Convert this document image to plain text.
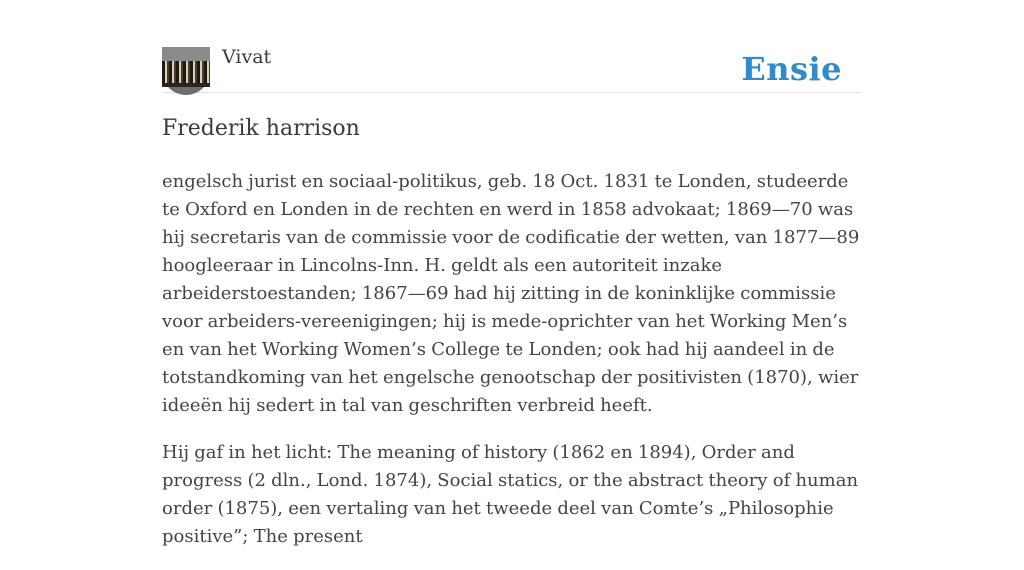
Vivat	Ensie
Frederik harrison

engelsch jurist en sociaal-politikus, geb. 18 Oct. 1831 te Londen, studeerde te Oxford en Londen in de rechten en werd in 1858 advokaat; 1869—70 was hij secretaris van de commissie voor de codificatie der wetten, van 1877—89 hoogleeraar in Lincolns-Inn. H. geldt als een autoriteit inzake arbeiderstoestanden; 1867—69 had hij zitting in de koninklijke commissie voor arbeiders-vereenigingen; hij is mede-oprichter van het Working Men’s en van het Working Women’s College te Londen; ook had hij aandeel in de totstandkoming van het engelsche genootschap der positivisten (1870), wier ideeën hij sedert in tal van geschriften verbreid heeft.

Hij gaf in het licht: The meaning of history (1862 en 1894), Order and progress (2 dln., Lond. 1874), Social statics, or the abstract theory of human order (1875), een vertaling van het tweede deel van Comte’s „Philosophie positive”; The present
